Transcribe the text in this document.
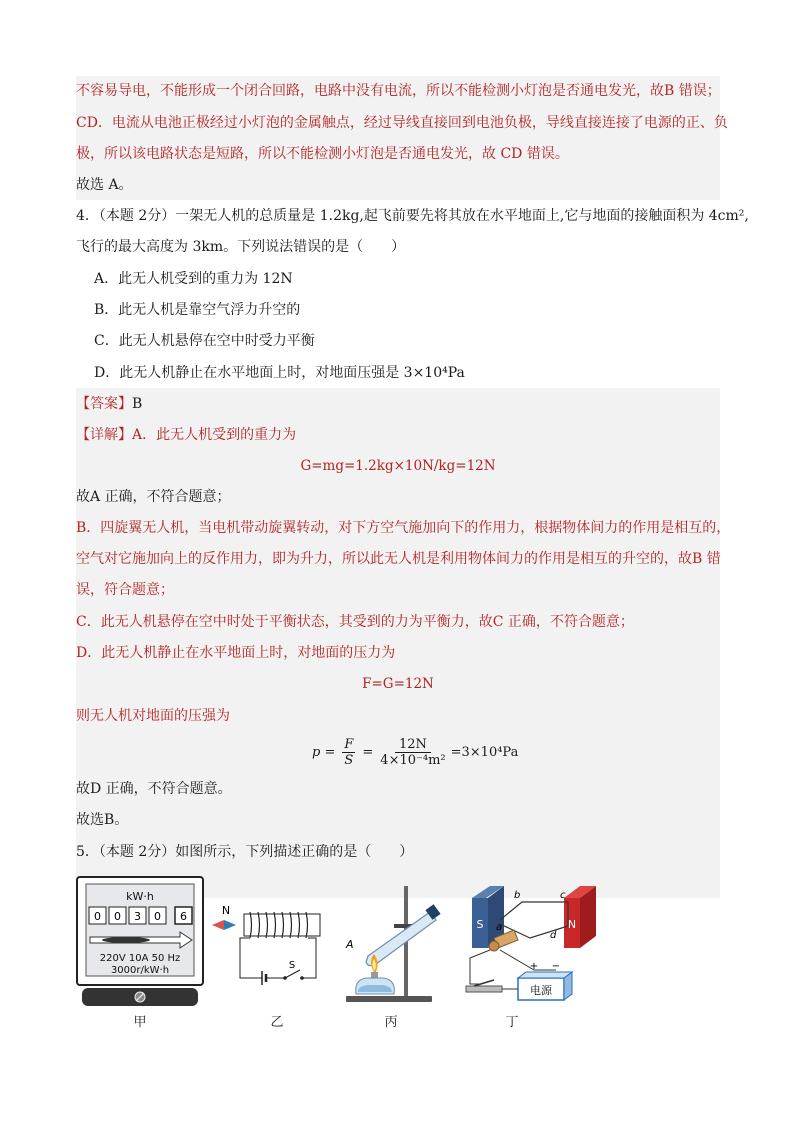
不容易导电，不能形成一个闭合回路，电路中没有电流，所以不能检测小灯泡是否通电发光，故B 错误；
CD．电流从电池正极经过小灯泡的金属触点，经过导线直接回到电池负极，导线直接连接了电源的正、负
极，所以该电路状态是短路，所以不能检测小灯泡是否通电发光，故 CD 错误。
故选 A。
4．（本题 2分）一架无人机的总质量是 1.2kg,起飞前要先将其放在水平地面上,它与地面的接触面积为 4cm²,
飞行的最大高度为 3km。下列说法错误的是（　　）
A．此无人机受到的重力为 12N
B．此无人机是靠空气浮力升空的
C．此无人机悬停在空中时受力平衡
D．此无人机静止在水平地面上时，对地面压强是 3×10⁴Pa
【答案】B
【详解】A．此无人机受到的重力为
G=mg=1.2kg×10N/kg=12N
故A 正确，不符合题意；
B．四旋翼无人机，当电机带动旋翼转动，对下方空气施加向下的作用力，根据物体间力的作用是相互的，
空气对它施加向上的反作用力，即为升力，所以此无人机是利用物体间力的作用是相互的升空的，故B 错
误，符合题意；
C．此无人机悬停在空中时处于平衡状态，其受到的力为平衡力，故C 正确，不符合题意；
D．此无人机静止在水平地面上时，对地面的压力为
F=G=12N
则无人机对地面的压强为
$p = \frac{F}{S} = \frac{12N}{\text{4×10⁻⁴m²}} =3\times 10^4Pa$
故D 正确，不符合题意。
故选B。
5．（本题 2分）如图所示，下列描述正确的是（　　）
kW·h
0 0 3 0 6
220V 10A 50 Hz
3000r/kW·h
甲
N
S
乙
A
丙
S	N
a
b	c
d
电源
+ −
丁
